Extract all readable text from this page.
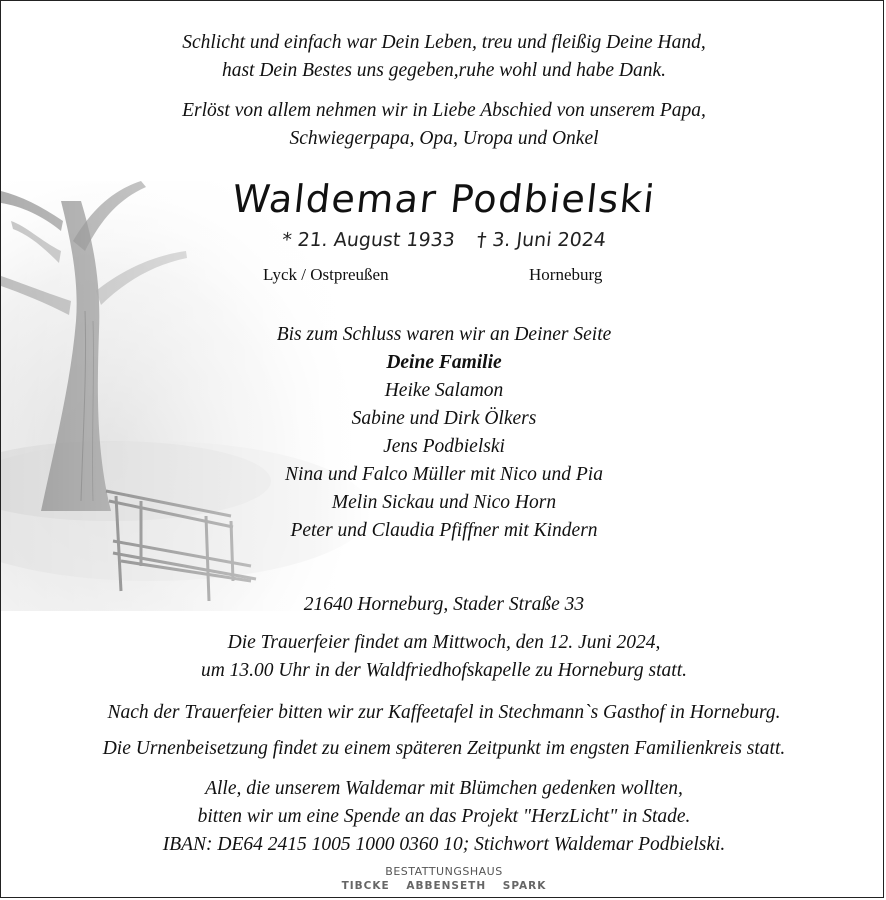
Schlicht und einfach war Dein Leben, treu und fleißig Deine Hand,
hast Dein Bestes uns gegeben,ruhe wohl und habe Dank.
Erlöst von allem nehmen wir in Liebe Abschied von unserem Papa,
Schwiegerpapa, Opa, Uropa und Onkel
Waldemar Podbielski
* 21. August 1933 † 3. Juni 2024
Lyck / Ostpreußen	Horneburg
Bis zum Schluss waren wir an Deiner Seite
Deine Familie
Heike Salamon
Sabine und Dirk Ölkers
Jens Podbielski
Nina und Falco Müller mit Nico und Pia
Melin Sickau und Nico Horn
Peter und Claudia Pfiffner mit Kindern
21640 Horneburg, Stader Straße 33
Die Trauerfeier findet am Mittwoch, den 12. Juni 2024,
um 13.00 Uhr in der Waldfriedhofskapelle zu Horneburg statt.
Nach der Trauerfeier bitten wir zur Kaffeetafel in Stechmann`s Gasthof in Horneburg.
Die Urnenbeisetzung findet zu einem späteren Zeitpunkt im engsten Familienkreis statt.
Alle, die unserem Waldemar mit Blümchen gedenken wollten,
bitten wir um eine Spende an das Projekt "HerzLicht" in Stade.
IBAN: DE64 2415 1005 1000 0360 10; Stichwort Waldemar Podbielski.
BESTATTUNGSHAUS
TIBCKE ABBENSETH SPARK
